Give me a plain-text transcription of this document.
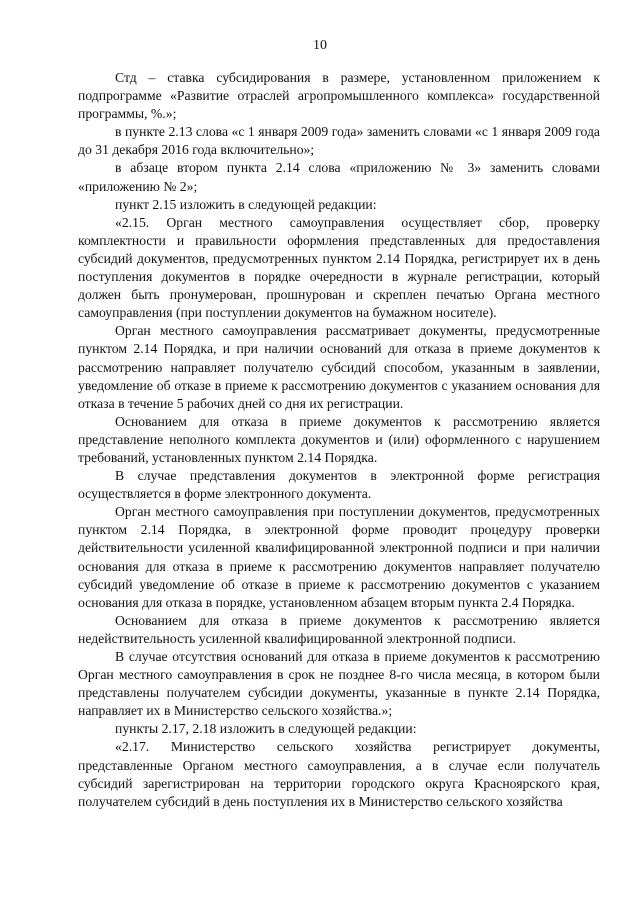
10

Стд – ставка субсидирования в размере, установленном приложением к подпрограмме «Развитие отраслей агропромышленного комплекса» государственной программы, %.»;

в пункте 2.13 слова «с 1 января 2009 года» заменить словами «с 1 января 2009 года до 31 декабря 2016 года включительно»;

в абзаце втором пункта 2.14 слова «приложению № 3» заменить словами «приложению № 2»;

пункт 2.15 изложить в следующей редакции:

«2.15. Орган местного самоуправления осуществляет сбор, проверку комплектности и правильности оформления представленных для предоставления субсидий документов, предусмотренных пунктом 2.14 Порядка, регистрирует их в день поступления документов в порядке очередности в журнале регистрации, который должен быть пронумерован, прошнурован и скреплен печатью Органа местного самоуправления (при поступлении документов на бумажном носителе).

Орган местного самоуправления рассматривает документы, предусмотренные пунктом 2.14 Порядка, и при наличии оснований для отказа в приеме документов к рассмотрению направляет получателю субсидий способом, указанным в заявлении, уведомление об отказе в приеме к рассмотрению документов с указанием основания для отказа в течение 5 рабочих дней со дня их регистрации.

Основанием для отказа в приеме документов к рассмотрению является представление неполного комплекта документов и (или) оформленного с нарушением требований, установленных пунктом 2.14 Порядка.

В случае представления документов в электронной форме регистрация осуществляется в форме электронного документа.

Орган местного самоуправления при поступлении документов, предусмотренных пунктом 2.14 Порядка, в электронной форме проводит процедуру проверки действительности усиленной квалифицированной электронной подписи и при наличии основания для отказа в приеме к рассмотрению документов направляет получателю субсидий уведомление об отказе в приеме к рассмотрению документов с указанием основания для отказа в порядке, установленном абзацем вторым пункта 2.4 Порядка.

Основанием для отказа в приеме документов к рассмотрению является недействительность усиленной квалифицированной электронной подписи.

В случае отсутствия оснований для отказа в приеме документов к рассмотрению Орган местного самоуправления в срок не позднее 8-го числа месяца, в котором были представлены получателем субсидии документы, указанные в пункте 2.14 Порядка, направляет их в Министерство сельского хозяйства.»;

пункты 2.17, 2.18 изложить в следующей редакции:

«2.17. Министерство сельского хозяйства регистрирует документы, представленные Органом местного самоуправления, а в случае если получатель субсидий зарегистрирован на территории городского округа Красноярского края, получателем субсидий в день поступления их в Министерство сельского хозяйства
